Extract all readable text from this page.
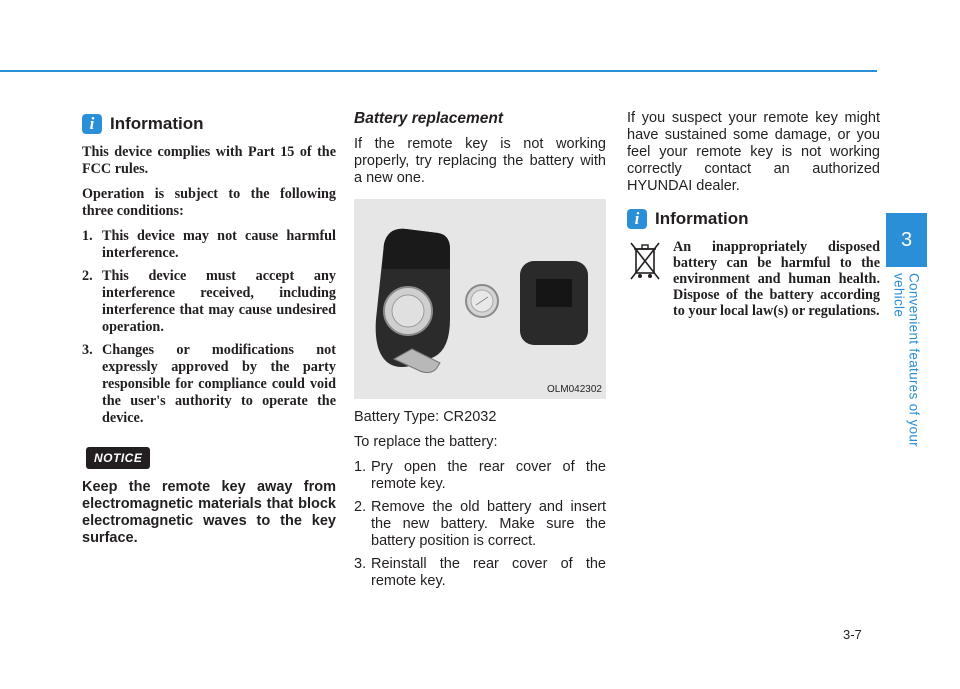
i Information

This device complies with Part 15 of the FCC rules.

Operation is subject to the following three conditions:

1. This device may not cause harmful interference.
2. This device must accept any interference received, including interference that may cause undesired operation.
3. Changes or modifications not expressly approved by the party responsible for compliance could void the user's authority to operate the device.
NOTICE

Keep the remote key away from electromagnetic materials that block electromagnetic waves to the key surface.

Battery replacement

If the remote key is not working properly, try replacing the battery with a new one.

OLM042302

Battery Type: CR2032

To replace the battery:

1. Pry open the rear cover of the remote key.
2. Remove the old battery and insert the new battery. Make sure the battery position is correct.
3. Reinstall the rear cover of the remote key.

If you suspect your remote key might have sustained some damage, or you feel your remote key is not working correctly contact an authorized HYUNDAI dealer.

i Information
An inappropriately disposed battery can be harmful to the environment and human health. Dispose of the battery according to your local law(s) or regulations.
3
Convenient features of your vehicle
3-7
